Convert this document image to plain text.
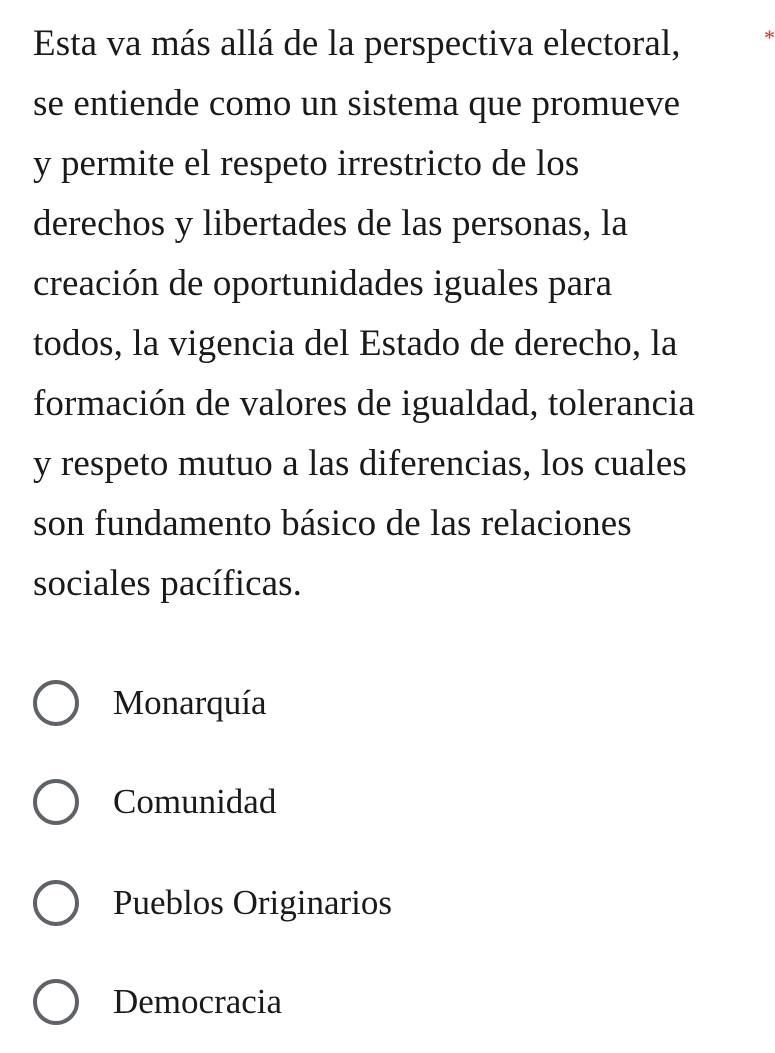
Esta va más allá de la perspectiva electoral,
se entiende como un sistema que promueve
y permite el respeto irrestricto de los
derechos y libertades de las personas, la
creación de oportunidades iguales para
todos, la vigencia del Estado de derecho, la
formación de valores de igualdad, tolerancia
y respeto mutuo a las diferencias, los cuales
son fundamento básico de las relaciones
sociales pacíficas.
*
Monarquía
Comunidad
Pueblos Originarios
Democracia
